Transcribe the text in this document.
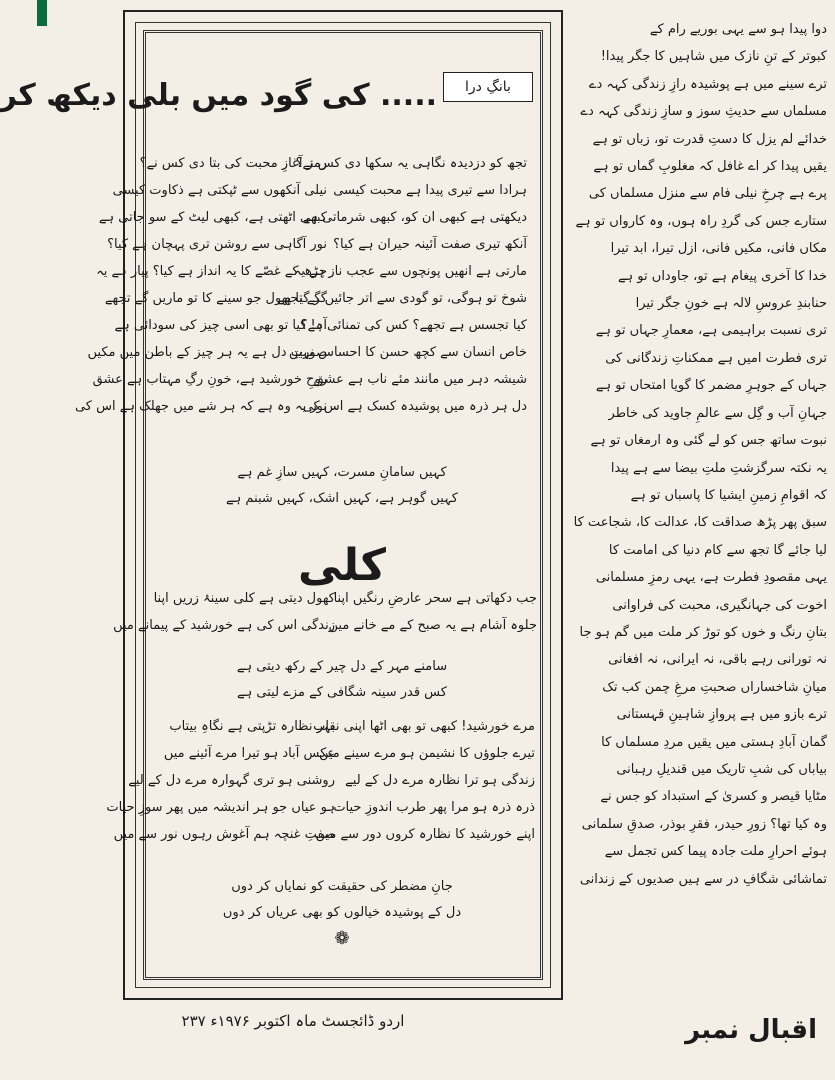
بانگِ درا
..... کی گود میں بلی دیکھ کر
تجھ کو دزدیدہ نگاہی یہ سکھا دی کس نے؟
ہرادا سے تیری پیدا ہے محبت کیسی
دیکھتی ہے کبھی ان کو، کبھی شرماتی ہے
آنکھ تیری صفت آئینہ حیران ہے کیا؟
مارتی ہے انھیں پونچوں سے عجب ناز ہے یہ
شوخ تو ہوگی، تو گودی سے اتر جائیں گے تجھے
کیا تجسس ہے تجھے؟ کس کی تمنائی ہے؟
خاص انسان سے کچھ حسن کا احساس نہیں
شیشہ دہر میں مانند مئے ناب ہے عشق
دل ہر ذرہ میں پوشیدہ کسک ہے اس کی
رمز آغازِ محبت کی بتا دی کس نے؟
نیلی آنکھوں سے ٹپکتی ہے ذکاوت کیسی
کبھی اٹھتی ہے، کبھی لیٹ کے سو جاتی ہے
نور آگاہی سے روشن تری پہچان ہے کیا؟
چڑھ کے غصّے کا یہ انداز ہے کیا؟ پیار ہے یہ
گر گیا پھول جو سینے کا تو ماریں گے تجھے
آہ! کیا تو بھی اسی چیز کی سودائی ہے
صورتِ دل ہے یہ ہر چیز کے باطن میں مکیں
روحِ خورشید ہے، خونِ رگِ مہتاب ہے عشق
نور یہ وہ ہے کہ ہر شے میں جھلک ہے اس کی
کہیں سامانِ مسرت، کہیں سازِ غم ہے
کہیں گوہر ہے، کہیں اشک، کہیں شبنم ہے
کلی
جب دکھاتی ہے سحر عارضِ رنگیں اپنا
جلوہ آشام ہے یہ صبح کے مے خانے میں
کھول دیتی ہے کلی سینۂ زریں اپنا
زندگی اس کی ہے خورشید کے پیمانے میں
سامنے مہر کے دل چیر کے رکھ دیتی ہے
کس قدر سینہ شگافی کے مزے لیتی ہے
مرے خورشید! کبھی تو بھی اٹھا اپنی نقاب
تیرے جلوؤں کا نشیمن ہو مرے سینے میں
زندگی ہو ترا نظارہ مرے دل کے لیے
ذرہ ذرہ ہو مرا پھر طرب اندوزِ حیات
اپنے خورشید کا نظارہ کروں دور سے میں
بہر نظارہ تڑپتی ہے نگاہِ بیتاب
عکس آباد ہو تیرا مرے آئینے میں
روشنی ہو تری گہوارہ مرے دل کے لیے
ہو عیاں جو ہر اندیشہ میں پھر سوزِ حیات
صفتِ غنچہ ہم آغوش رہوں نور سے میں
جانِ مضطر کی حقیقت کو نمایاں کر دوں
دل کے پوشیدہ خیالوں کو بھی عریاں کر دوں
❁
دوا پیدا ہو سے یہی بوریے رام کے
کبوتر کے تنِ نازک میں شاہیں کا جگر پیدا!
ترے سینے میں ہے پوشیدہ رازِ زندگی کہہ دے
مسلماں سے حدیثِ سوز و سازِ زندگی کہہ دے
خدائے لم یزل کا دستِ قدرت تو، زباں تو ہے
یقیں پیدا کر اے غافل کہ مغلوبِ گماں تو ہے
پرے ہے چرخِ نیلی فام سے منزل مسلماں کی
ستارے جس کی گردِ راہ ہوں، وہ کارواں تو ہے
مکاں فانی، مکیں فانی، ازل تیرا، ابد تیرا
خدا کا آخری پیغام ہے تو، جاوداں تو ہے
حنابندِ عروسِ لالہ ہے خونِ جگر تیرا
تری نسبت براہیمی ہے، معمارِ جہاں تو ہے
تری فطرت امیں ہے ممکناتِ زندگانی کی
جہاں کے جوہرِ مضمر کا گویا امتحاں تو ہے
جہانِ آب و گِل سے عالمِ جاوید کی خاطر
نبوت ساتھ جس کو لے گئی وہ ارمغاں تو ہے
یہ نکتہ سرگزشتِ ملتِ بیضا سے ہے پیدا
کہ اقوامِ زمینِ ایشیا کا پاسباں تو ہے
سبق پھر پڑھ صداقت کا، عدالت کا، شجاعت کا
لیا جائے گا تجھ سے کام دنیا کی امامت کا
یہی مقصودِ فطرت ہے، یہی رمزِ مسلمانی
اخوت کی جہانگیری، محبت کی فراوانی
بتانِ رنگ و خوں کو توڑ کر ملت میں گم ہو جا
نہ تورانی رہے باقی، نہ ایرانی، نہ افغانی
میانِ شاخساراں صحبتِ مرغِ چمن کب تک
ترے بازو میں ہے پروازِ شاہینِ قہستانی
گمان آبادِ ہستی میں یقیں مردِ مسلماں کا
بیاباں کی شبِ تاریک میں قندیلِ رہبانی
مٹایا قیصر و کسریٰ کے استبداد کو جس نے
وہ کیا تھا؟ زورِ حیدر، فقرِ بوذر، صدقِ سلمانی
ہوئے احرارِ ملت جادہ پیما کس تجمل سے
تماشائی شگافِ در سے ہیں صدیوں کے زندانی
اردو ڈائجسٹ ماہ اکتوبر ۱۹۷۶ء ۲۳۷	اقبال نمبر
